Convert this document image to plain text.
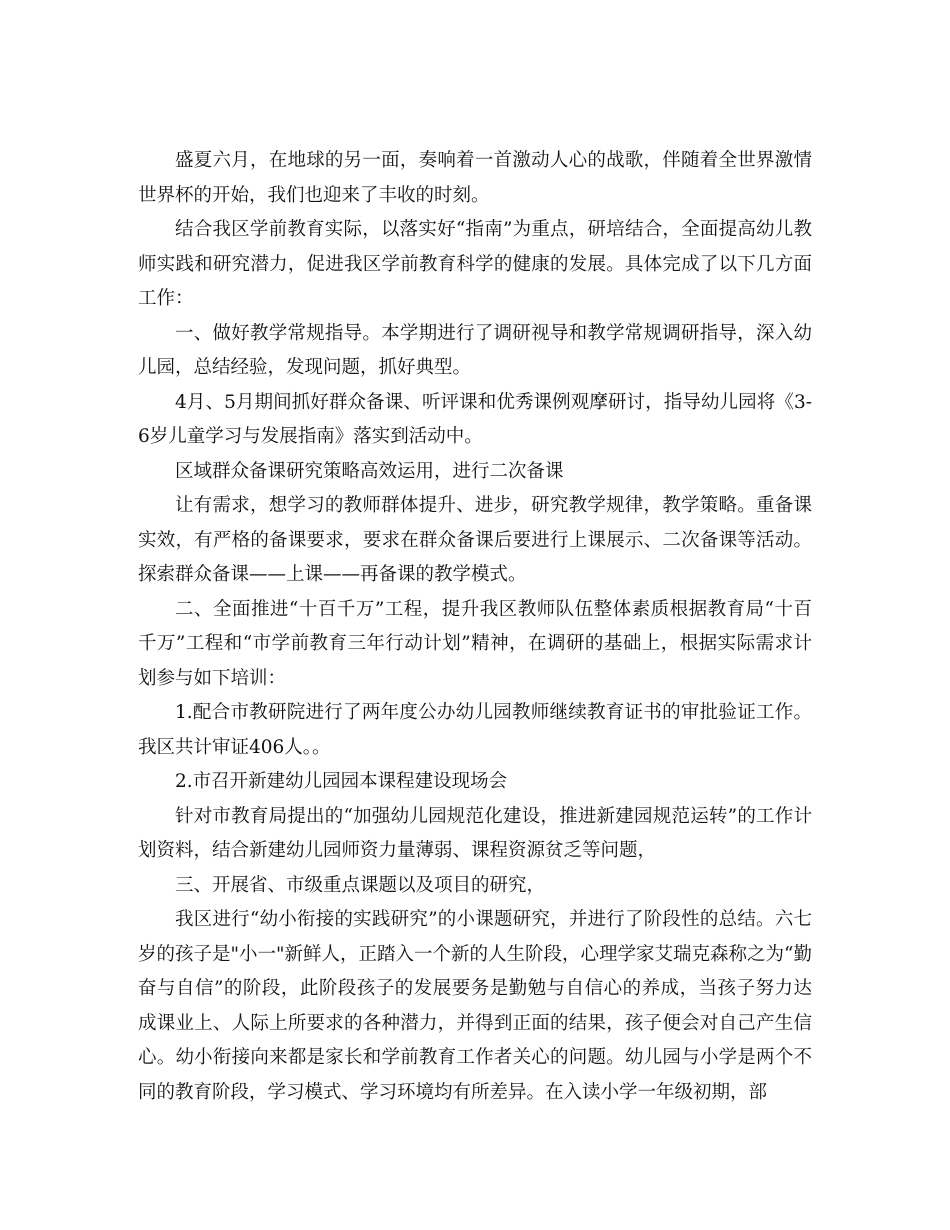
盛夏六月，在地球的另一面，奏响着一首激动人心的战歌，伴随着全世界激情世界杯的开始，我们也迎来了丰收的时刻。

结合我区学前教育实际，以落实好“指南”为重点，研培结合，全面提高幼儿教师实践和研究潜力，促进我区学前教育科学的健康的发展。具体完成了以下几方面工作：

一、做好教学常规指导。本学期进行了调研视导和教学常规调研指导，深入幼儿园，总结经验，发现问题，抓好典型。

4月、5月期间抓好群众备课、听评课和优秀课例观摩研讨，指导幼儿园将《3-6岁儿童学习与发展指南》落实到活动中。

区域群众备课研究策略高效运用，进行二次备课

让有需求，想学习的教师群体提升、进步，研究教学规律，教学策略。重备课实效，有严格的备课要求，要求在群众备课后要进行上课展示、二次备课等活动。探索群众备课——上课——再备课的教学模式。

二、全面推进“十百千万”工程，提升我区教师队伍整体素质根据教育局“十百千万”工程和“市学前教育三年行动计划”精神，在调研的基础上，根据实际需求计划参与如下培训：

1.配合市教研院进行了两年度公办幼儿园教师继续教育证书的审批验证工作。我区共计审证406人。。

2.市召开新建幼儿园园本课程建设现场会

针对市教育局提出的“加强幼儿园规范化建设，推进新建园规范运转”的工作计划资料，结合新建幼儿园师资力量薄弱、课程资源贫乏等问题，

三、开展省、市级重点课题以及项目的研究，

我区进行“幼小衔接的实践研究”的小课题研究，并进行了阶段性的总结。六七岁的孩子是"小一"新鲜人，正踏入一个新的人生阶段，心理学家艾瑞克森称之为“勤奋与自信”的阶段，此阶段孩子的发展要务是勤勉与自信心的养成，当孩子努力达成课业上、人际上所要求的各种潜力，并得到正面的结果，孩子便会对自己产生信心。幼小衔接向来都是家长和学前教育工作者关心的问题。幼儿园与小学是两个不同的教育阶段，学习模式、学习环境均有所差异。在入读小学一年级初期，部
